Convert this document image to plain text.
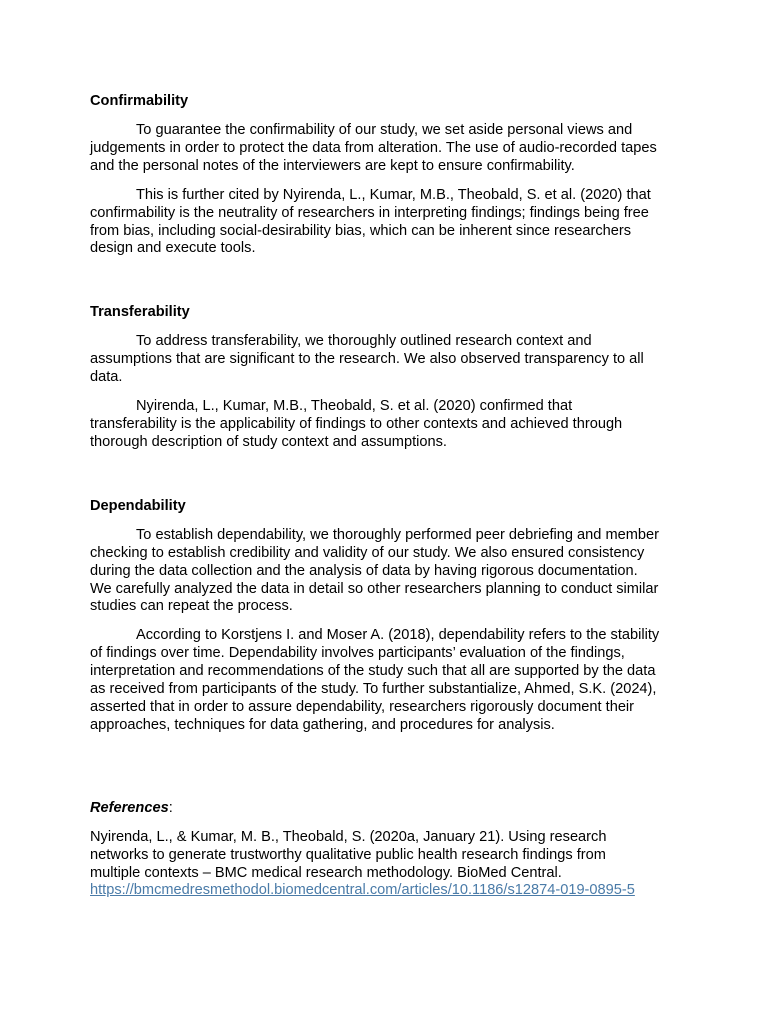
Confirmability
To guarantee the confirmability of our study, we set aside personal views and
judgements in order to protect the data from alteration. The use of audio-recorded tapes
and the personal notes of the interviewers are kept to ensure confirmability.
This is further cited by Nyirenda, L., Kumar, M.B., Theobald, S. et al. (2020) that
confirmability is the neutrality of researchers in interpreting findings; findings being free
from bias, including social-desirability bias, which can be inherent since researchers
design and execute tools.
Transferability
To address transferability, we thoroughly outlined research context and
assumptions that are significant to the research. We also observed transparency to all
data.
Nyirenda, L., Kumar, M.B., Theobald, S. et al. (2020) confirmed that
transferability is the applicability of findings to other contexts and achieved through
thorough description of study context and assumptions.
Dependability
To establish dependability, we thoroughly performed peer debriefing and member
checking to establish credibility and validity of our study. We also ensured consistency
during the data collection and the analysis of data by having rigorous documentation.
We carefully analyzed the data in detail so other researchers planning to conduct similar
studies can repeat the process.
According to Korstjens I. and Moser A. (2018), dependability refers to the stability
of findings over time. Dependability involves participants’ evaluation of the findings,
interpretation and recommendations of the study such that all are supported by the data
as received from participants of the study. To further substantialize, Ahmed, S.K. (2024),
asserted that in order to assure dependability, researchers rigorously document their
approaches, techniques for data gathering, and procedures for analysis.
References:
Nyirenda, L., & Kumar, M. B., Theobald, S. (2020a, January 21). Using research
networks to generate trustworthy qualitative public health research findings from
multiple contexts – BMC medical research methodology. BioMed Central.
https://bmcmedresmethodol.biomedcentral.com/articles/10.1186/s12874-019-0895-5
